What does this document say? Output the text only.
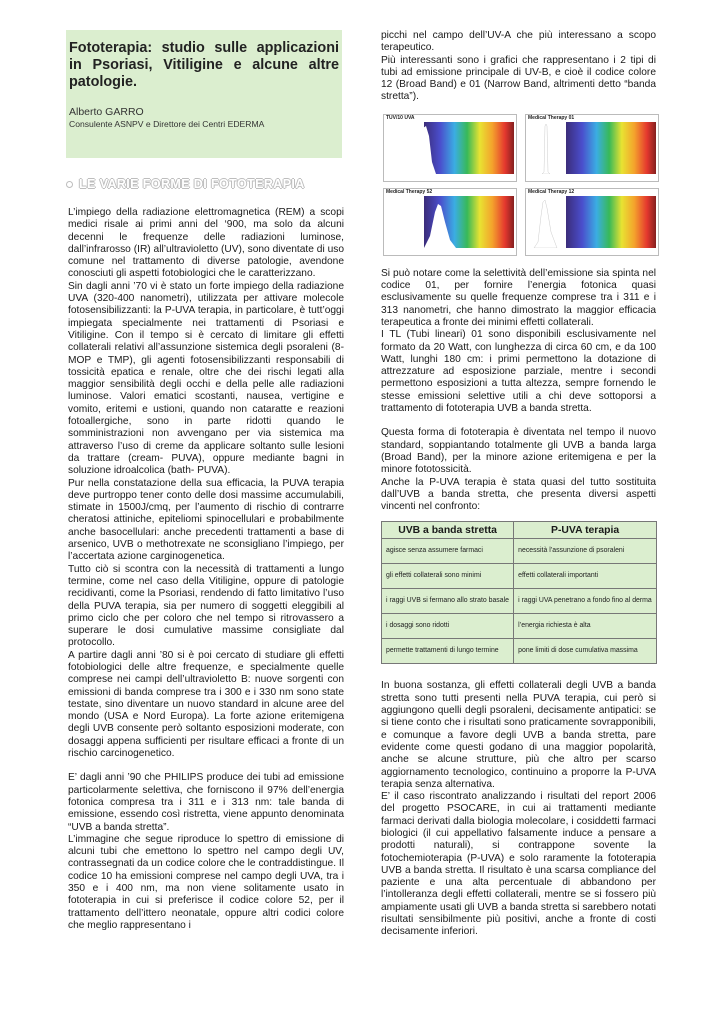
Fototerapia: studio sulle applicazioni in Psoriasi, Vitiligine e alcune altre patologie.

Alberto GARRO

Consulente ASNPV e Direttore dei Centri EDERMA

LE VARIE FORME DI FOTOTERAPIA

L’impiego della radiazione elettromagnetica (REM) a scopi medici risale ai primi anni del ‘900, ma solo da alcuni decenni le frequenze delle radiazioni luminose, dall’infrarosso (IR) all’ultravioletto (UV), sono diventate di uso comune nel trattamento di diverse patologie, avendone conosciuti gli aspetti fotobiologici che le caratterizzano.

Sin dagli anni ’70 vi è stato un forte impiego della radiazione UVA (320-400 nanometri), utilizzata per attivare molecole fotosensibilizzanti: la P-UVA terapia, in particolare, è tutt’oggi impiegata specialmente nei trattamenti di Psoriasi e Vitiligine. Con il tempo si è cercato di limitare gli effetti collaterali relativi all’assunzione sistemica degli psoraleni (8-MOP e TMP), gli agenti fotosensibilizzanti responsabili di tossicità epatica e renale, oltre che dei rischi legati alla maggior sensibilità degli occhi e della pelle alle radiazioni luminose. Valori ematici scostanti, nausea, vertigine e vomito, eritemi e ustioni, quando non cataratte e reazioni fotoallergiche, sono in parte ridotti quando le somministrazioni non avvengano per via sistemica ma attraverso l’uso di creme da applicare soltanto sulle lesioni da trattare (cream- PUVA), oppure mediante bagni in soluzione idroalcolica (bath- PUVA).

Pur nella constatazione della sua efficacia, la PUVA terapia deve purtroppo tener conto delle dosi massime accumulabili, stimate in 1500J/cmq, per l’aumento di rischio di contrarre cheratosi attiniche, epiteliomi spinocellulari e probabilmente anche basocellulari: anche precedenti trattamenti a base di arsenico, UVB o methotrexate ne sconsigliano l’impiego, per l’accertata azione carginogenetica.

Tutto ciò si scontra con la necessità di trattamenti a lungo termine, come nel caso della Vitiligine, oppure di patologie recidivanti, come la Psoriasi, rendendo di fatto limitativo l’uso della PUVA terapia, sia per numero di soggetti eleggibili al primo ciclo che per coloro che nel tempo si ritrovassero a superare le dosi cumulative massime consigliate dal protocollo.

A partire dagli anni ’80 si è poi cercato di studiare gli effetti fotobiologici delle altre frequenze, e specialmente quelle comprese nei campi dell’ultravioletto B: nuove sorgenti con emissioni di banda comprese tra i 300 e i 330 nm sono state testate, sino diventare un nuovo standard in alcune aree del mondo (USA e Nord Europa). La forte azione eritemigena degli UVB consente però soltanto esposizioni moderate, con dosaggi appena sufficienti per risultare efficaci a fronte di un rischio carcinogenetico.

E’ dagli anni ’90 che PHILIPS produce dei tubi ad emissione particolarmente selettiva, che forniscono il 97% dell’energia fotonica compresa tra i 311 e i 313 nm: tale banda di emissione, essendo così ristretta, viene appunto denominata “UVB a banda stretta”.

L’immagine che segue riproduce lo spettro di emissione di alcuni tubi che emettono lo spettro nel campo degli UV, contrassegnati da un codice colore che le contraddistingue. Il codice 10 ha emissioni comprese nel campo degli UVA, tra i 350 e i 400 nm, ma non viene solitamente usato in fototerapia in cui si preferisce il codice colore 52, per il trattamento dell’ittero neonatale, oppure altri codici colore che meglio rappresentano i

picchi nel campo dell’UV-A che più interessano a scopo terapeutico.

Più interessanti sono i grafici che rappresentano i 2 tipi di tubi ad emissione principale di UV-B, e cioè il codice colore 12 (Broad Band) e 01 (Narrow Band, altrimenti detto “banda stretta”).

TUV/10 UVA	Medical Therapy 01
Medical Therapy 52	Medical Therapy 12

Si può notare come la selettività dell’emissione sia spinta nel codice 01, per fornire l’energia fotonica quasi esclusivamente su quelle frequenze comprese tra i 311 e i 313 nanometri, che hanno dimostrato la maggior efficacia terapeutica a fronte dei minimi effetti collaterali.

I TL (Tubi lineari) 01 sono disponibili esclusivamente nel formato da 20 Watt, con lunghezza di circa 60 cm, e da 100 Watt, lunghi 180 cm: i primi permettono la dotazione di attrezzature ad esposizione parziale, mentre i secondi permettono esposizioni a tutta altezza, sempre fornendo le stesse emissioni selettive utili a chi deve sottoporsi a trattamento di fototerapia UVB a banda stretta.

Questa forma di fototerapia è diventata nel tempo il nuovo standard, soppiantando totalmente gli UVB a banda larga (Broad Band), per la minore azione eritemigena e per la minore fototossicità.

Anche la P-UVA terapia è stata quasi del tutto sostituita dall’UVB a banda stretta, che presenta diversi aspetti vincenti nel confronto:

UVB a banda stretta	P-UVA terapia
agisce senza assumere farmaci	necessità l’assunzione di psoraleni
gli effetti collaterali sono minimi	effetti collaterali importanti
i raggi UVB si fermano allo strato basale	i raggi UVA penetrano a fondo fino al derma
i dosaggi sono ridotti	l’energia richiesta è alta
permette trattamenti di lungo termine	pone limiti di dose cumulativa massima

In buona sostanza, gli effetti collaterali degli UVB a banda stretta sono tutti presenti nella PUVA terapia, cui però si aggiungono quelli degli psoraleni, decisamente antipatici: se si tiene conto che i risultati sono praticamente sovrapponibili, e comunque a favore degli UVB a banda stretta, pare evidente come questi godano di una maggior popolarità, anche se alcune strutture, più che altro per scarso aggiornamento tecnologico, continuino a proporre la P-UVA terapia senza alternativa.

E’ il caso riscontrato analizzando i risultati del report 2006 del progetto PSOCARE, in cui ai trattamenti mediante farmaci derivati dalla biologia molecolare, i cosiddetti farmaci biologici (il cui appellativo falsamente induce a pensare a prodotti naturali), si contrappone sovente la fotochemioterapia (P-UVA) e solo raramente la fototerapia UVB a banda stretta. Il risultato è una scarsa compliance del paziente e una alta percentuale di abbandono per l’intolleranza degli effetti collaterali, mentre se si fossero più ampiamente usati gli UVB a banda stretta si sarebbero notati risultati sensibilmente più positivi, anche a fronte di costi decisamente inferiori.
